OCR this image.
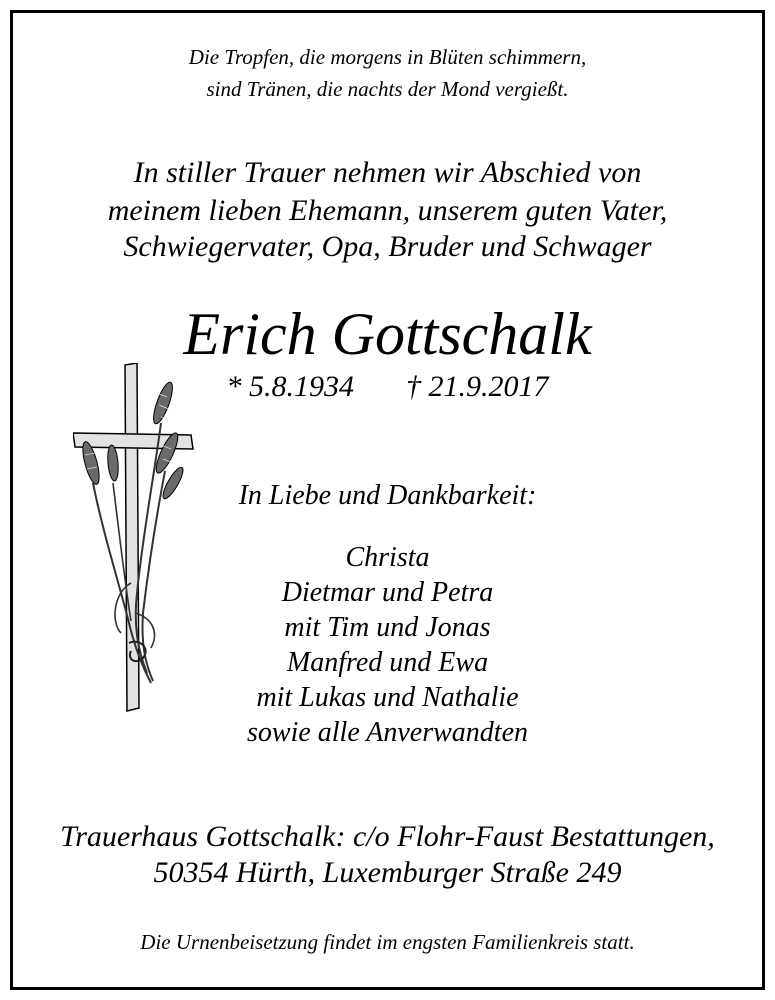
Die Tropfen, die morgens in Blüten schimmern,
sind Tränen, die nachts der Mond vergießt.
In stiller Trauer nehmen wir Abschied von
meinem lieben Ehemann, unserem guten Vater,
Schwiegervater, Opa, Bruder und Schwager
Erich Gottschalk
* 5.8.1934 † 21.9.2017
In Liebe und Dankbarkeit:
Christa
Dietmar und Petra
mit Tim und Jonas
Manfred und Ewa
mit Lukas und Nathalie
sowie alle Anverwandten
Trauerhaus Gottschalk: c/o Flohr-Faust Bestattungen,
50354 Hürth, Luxemburger Straße 249
Die Urnenbeisetzung findet im engsten Familienkreis statt.
